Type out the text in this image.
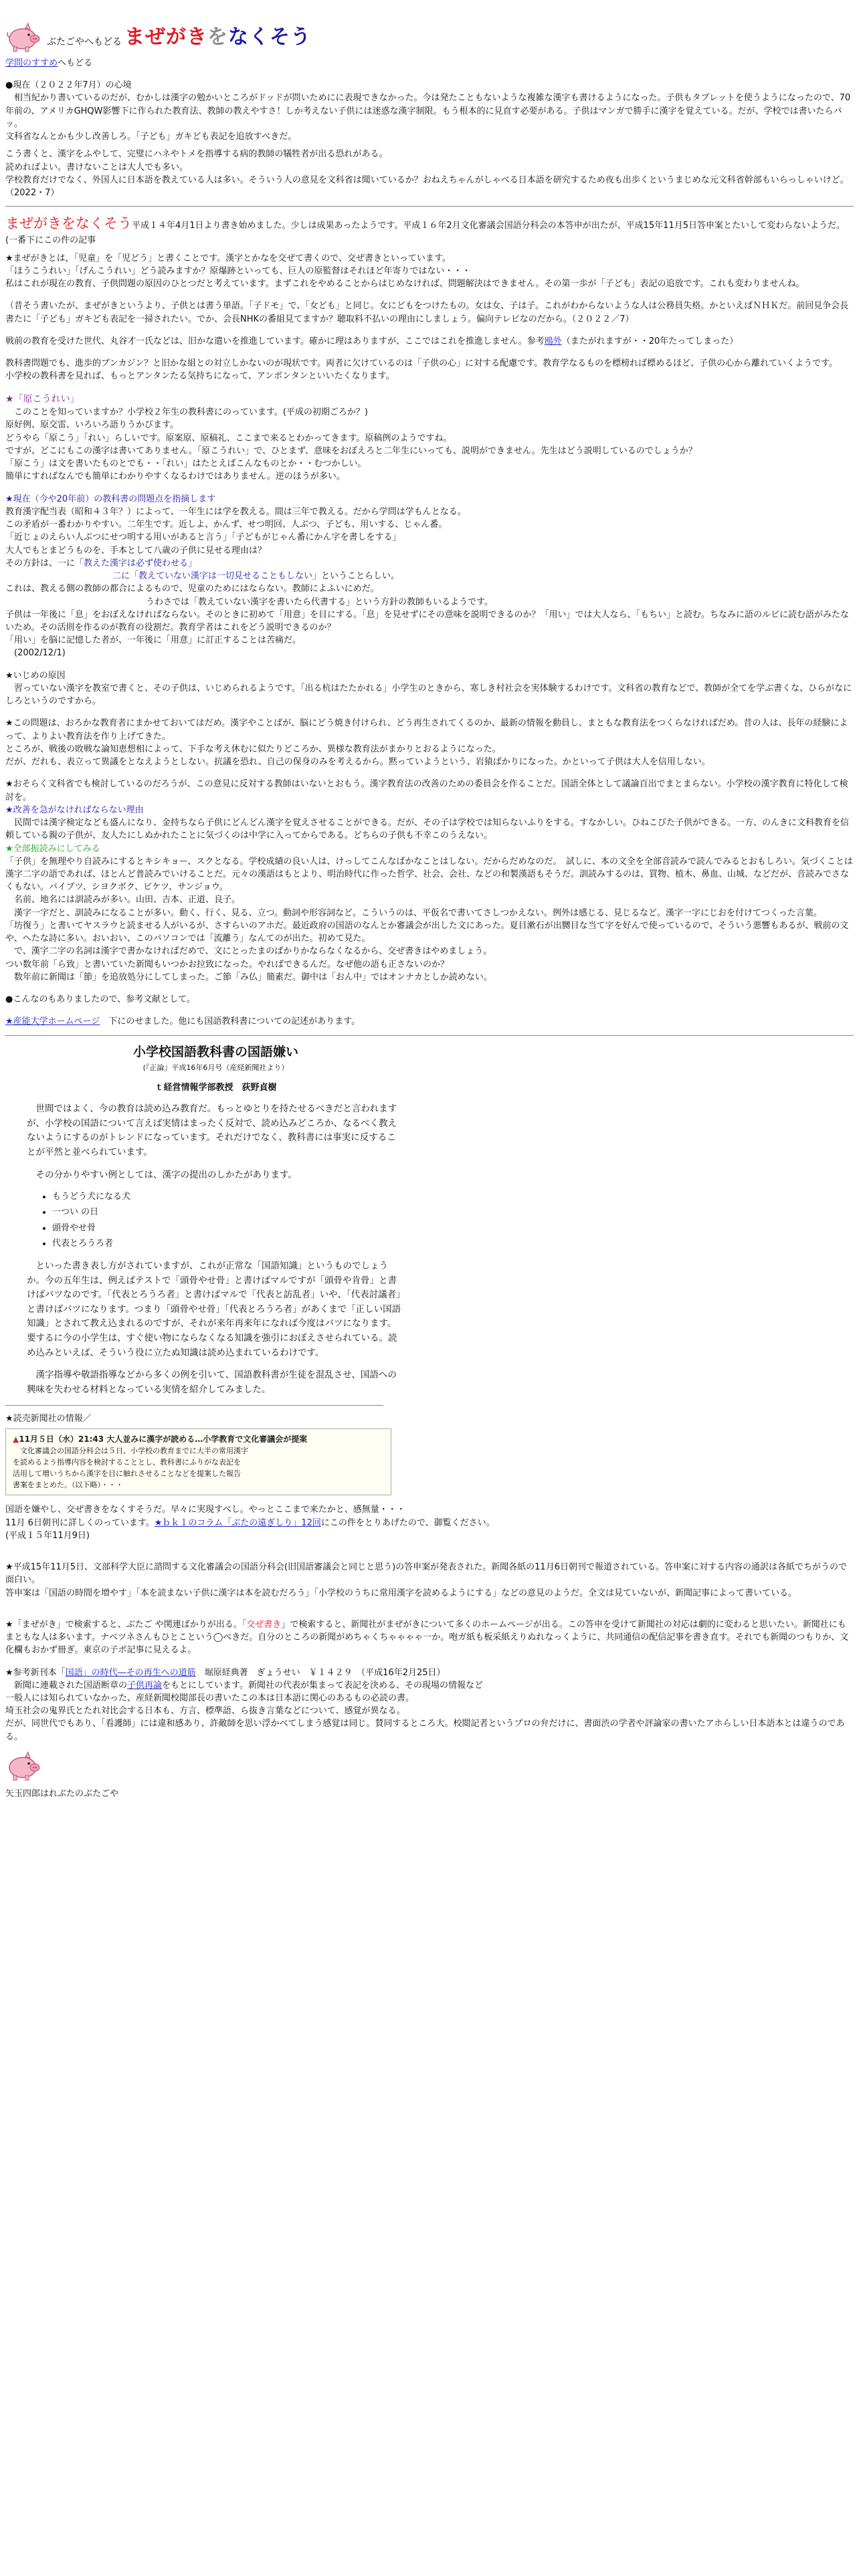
ぶたごやへもどる まぜがきをなくそう

学問のすすめへもどる

●現在（２０２２年7月）の心境

　相当紀かり書いているのだが、むかしは漢字の勉かいところがドッドが問いためにに表現できなかった。今は発たこともないような複雑な漢字も書けるようになった。子供もタブレットを使うようになったので、70年前の、アメリカGHQW影響下に作られた教育法、教師の教えやすさ！しか考えない子供には迷惑な漢字制限。もう根本的に見直す必要がある。子供はマンガで勝手に漢字を覚えている。だが、学校では書いたらバッ。

文科省なんとかも少し改善しろ。「子ども」ガキども表記を追放すべきだ。

こう書くと、漢字をふやして、完璧にハネやトメを指導する病的教師の犠牲者が出る恐れがある。

読めればよい。書けないことは大人でも多い。

学校教育だけでなく、外国人に日本語を教えている人は多い。そういう人の意見を文科省は聞いているか？おねえちゃんがしゃべる日本語を研究するため夜も出歩くというまじめな元文科省幹部もいらっしゃいけど。（2022・7）

まぜがきをなくそう平成１４年4月1日より書き始めました。少しは成果あったようです。平成１６年2月文化審議会国語分科会の本答申が出たが、平成15年11月5日答申案とたいして変わらないようだ。(一番下にこの件の記事

★まぜがきとは，「児童」を「児どう」と書くことです。漢字とかなを交ぜて書くので、交ぜ書きといっています。

「ほうこうれい」「げんこうれい」どう読みますか？原爆跡といっても、巨人の原監督はそれほど年寄りではない・・・

私はこれが現在の教育、子供問題の原因のひとつだと考えています。まずこれをやめることからはじめなければ、問題解決はできません。その第一歩が「子ども」表記の追放です。これも変わりませんね。

（昔そう書いたが、まぜがきというより、子供とは書う単語。「子ドモ」で、「女ども」と同じ。女にどもをつけたもの。女は女、子は子。これがわからないような人は公務員失格。かといえばＮＨＫだ。前回見争会長書たに「子ども」ガキども表記を一掃されたい。でか、会長NHKの番組見てますか？聴取料不払いの理由にしましょう。偏向テレビなのだから。（２０２２／7）

戦前の教育を受けた世代、丸谷才一氏などは、旧かな遣いを推進しています。確かに理はありますが、ここではこれを推進しません。参考鴎外（またがれますが・・20年たってしまった）

教科書問題でも、進歩的ブンカジン？と旧かな組との対立しかないのが現状です。両者に欠けているのは「子供の心」に対する配慮です。教育学なるものを標榜れば標めるほど、子供の心から離れていくようです。

小学校の教科書を見れば、もっとアンタンたる気持ちになって、アンポンタンといいたくなります。

★「原こうれい」

　このことを知っていますか？小学校２年生の教科書にのっています。(平成の初期ごろか？)

原好例、原交雷、いろいろ語りうかびます。

どうやら「原こう」「れい」らしいです。原案原、原稿礼、ここまで来るとわかってきます。原稿例のようですね。

ですが、どこにもこの漢字は書いてありません。「原こうれい」で、ひとまず、意味をおぼえろと二年生にいっても、説明ができません。先生はどう説明しているのでしょうか？

「原こう」は文を書いたものとでも・・「れい」はたとえばこんなものとか・・むつかしい。

簡単にすればなんでも簡単にわかりやすくなるわけではありません。逆のほうが多い。

★現在（今や20年前）の教科書の問題点を指摘します

教育漢字配当表（昭和４３年？）によって、一年生には学を教える。間は三年で教える。だから学問は学もんとなる。

この矛盾が一番わかりやすい。二年生です。近しよ、かんず、せつ明回、人ぶつ、子ども、用いする、じゃん番。

「近じょのえらい人ぶつにせつ明する用いがあると言う」「子どもがじゃん番にかん字を書しをする」

大人でもとまどうものを、手本として八歳の子供に見せる理由は？

その方針は、一に「教えた漢字は必ず使わせる」

二に「教えていない漢字は一切見せることもしない」ということらしい。

これは、教える側の教師の都合によるもので、児童のためにはならない。教師によふいにめだ。

うわさでは「教えていない漢字を書いたら代書する」という方針の教師もいるようです。

子供は一年後に「息」をおぼえなければならない。そのときに初めて「用意」を目にする。「息」を見せずにその意味を説明できるのか？「用い」では大人なら、「もちい」と読む。ちなみに語のルビに読む語がみたないため。その活則を作るのが教育の役割だ。教育学者はこれをどう説明できるのか？

「用い」を脳に記憶した者が、一年後に「用意」に訂正することは苦痛だ。

　(2002/12/1)

★いじめの原因

　習っていない漢字を教室で書くと、その子供は、いじめられるようです。「出る杭はたたかれる」小学生のときから、寒しき村社会を実体験するわけです。文科省の教育などで、教師が全てを学ぶ書くな、ひらがなにしろというのですから。

★この問題は、おろかな教育者にまかせておいてはだめ。漢字やことばが、脳にどう焼き付けられ、どう再生されてくるのか、最新の情報を動員し、まともな教育法をつくらなければだめ。昔の人は、長年の経験によって、よりよい教育法を作り上げてきた。

ところが、戦後の敗戦な論知恵想相によって、下手な考え休むに似たりどころか、異様な教育法がまかりとおるようになった。

だが、だれも、表立って異議をとなえようとしない。抗議を恐れ、自己の保身のみを考えるから。黙っていようという、岩猿ばかりになった。かといって子供は大人を信用しない。

★おそらく文科省でも検討しているのだろうが、この意見に反対する教師はいないとおもう。漢字教育法の改善のための委員会を作ることだ。国語全体として議論百出でまとまらない。小学校の漢字教育に特化して検討を。

★改善を急がなければならない理由

　民間では漢字検定なども盛んになり、金持ちなら子供にどんどん漢字を覚えさせることができる。だが、その子は学校では知らないふりをする。すなかしい。ひねこびた子供ができる。一方、のんきに文科教育を信頼している親の子供が、友人たにしぬかれたことに気づくのは中学に入ってからである。どちらの子供も不幸このうえない。

★全部振読みにしてみる

「子供」を無理やり自読みにするとキシキョー、スクとなる。学校成績の良い人は、けっしてこんなばかなことはしない。だからだめなのだ。　試しに、本の文全を全部音読みで読んでみるとおもしろい。気づくことは漢字二字の語であれば、ほとんど普読みでいけることだ。元々の漢語はもとより、明治時代に作った哲学、社会、会社、などの和製漢語もそうだ。訓読みするのは、買物、植木、鼻血、山城、などだが、音読みでさなくもない。パイブツ、シヨクボク、ビケツ、サンジョウ。

　名前、地名には訓読みが多い。山田、吉本、正道、良子。

　漢字一字だと、訓読みになることが多い。動く、行く、見る、立つ。動詞や形容詞など。こういうのは、平仮名で書いてさしつかえない。例外は感じる、見じるなど。漢字一字にじおを付けてつくった言葉。

「坊復う」と書いてヤスラウと読ませる人がいるが、さすらいのアホだ。最近政府の国語のなんとか審議会が出した文にあった。夏目漱石が出嬲目な当て字を好んで使っているので、そういう悪響もあるが、戦前の文や、へたな詩に多い。おいおい、このパソコンでは「流離う」なんてのが出た。初めて見た。

　で、漢字二字の名詞は漢字で書かなければだめで、文にとったまのばかりかならなくなるから、交ぜ書きはやめましょう。

つい数年前「ら致」と書いていた新聞もいつかお拉致になった。やればできるんだ。なぜ他の語も正さないのか？

　数年前に新聞は「節」を追放処分にしてしまった。ご節「み仏」簡素だ。御中は「おん中」ではオンナカとしか読めない。

●こんなのもありましたので、参考文献として。

★産能大学ホームページ　下にのせました。他にも国語教科書についての記述があります。

小学校国語教科書の国語嫌い
(『正論』平成16年6月号（産経新聞社より）
ｔ経営情報学部教授　荻野貞樹

世間ではよく、今の教育は読め込み教育だ。もっとゆとりを持たせるべきだと言われますが、小学校の国語について言えば実情はまったく反対で、読め込みどころか、なるべく教えないようにするのがトレンドになっています。それだけでなく、教科書には事実に反することが平然と並べられています。

その分かりやすい例としては、漢字の提出のしかたがあります。

• もうどう犬になる犬
• 一つい の日
• 頭骨やせ骨
• 代表とろうろ者

といった書き表し方がされていますが、これが正常な「国語知識」というものでしょうか。今の五年生は、例えばテストで「頭骨やせ骨」と書けばマルですが「頭骨や肯骨」と書けばバツなのです。「代表とろうろ者」と書けばマルで「代表と訪乱者」いや、「代表討議者」と書けばバツになります。つまり「頭骨やせ骨」「代表とろうろ者」があくまで「正しい国語知識」とされて教え込まれるのですが、それが来年再来年になれば今度はバツになります。要するに今の小学生は、すぐ使い物にならなくなる知識を強引におぼえさせられている。読め込みといえば、そういう役に立たぬ知識は読め込まれているわけです。

漢字指導や敬語指導などから多くの例を引いて、国語教科書が生徒を混乱させ、国語への興味を失わせる材料となっている実情を紹介してみました。

★読売新聞社の情報／

▲11月５日（水）21:43 大人並みに漢字が読める…小学教育で文化審議会が提案
　文化審議会の国語分科会は５日、小学校の教育までに大半の常用漢字
を読めるよう指導内容を検討することとし、教科書にふりがな表記を
活用して増いうちから漢字を目に触れさせることなどを提案した報告
書案をまとめた。（以下略）・・・

国語を嫌やし、交ぜ書きをなくすそうだ。早々に実現すべし。やっとここまで来たかと、感無量・・・

11月 6日朝刊に詳しくのっています。★ｂｋ１のコラム「ぶたの遠ぎしり」12回にこの件をとりあげたので、御覧ください。

(平成１５年11月9日)

★平成15年11月5日、文部科学大臣に諮問する文化審議会の国語分科会(旧国語審議会と同じと思う)の答申案が発表された。新聞各紙の11月6日朝刊で報道されている。答申案に対する内容の通訳は各紙でちがうので面白い。

答申案は「国語の時間を増やす」「本を読まない子供に漢字は本を読むだろう」「小学校のうちに常用漢字を読めるようにする」などの意見のようだ。全文は見ていないが、新聞記事によって書いている。

★「まぜがき」で検索すると、ぶたご や関連ばかりが出る。「交ぜ書き」で検索すると、新聞社がまぜがきについて多くのホームページが出る。この答申を受けて新聞社の対応は劇的に変わると思いたい。新聞社にもまともな人は多います。ナベツネさんもひとこという◯べきだ。自分のところの新聞がめちゃくちゃゃゃゃ一か。咆ガ紙も板采紙えりぬれなっくように、共同通信の配信記事を書き直す。それでも新聞のつもりか、文化欄もおかず冊ぎ。東京の子ボ記事に見えるよ。

★参考新刊本「国語」の時代―その再生への道筋　堀原経典著　ぎょうせい　￥１４２９　（平成16年2月25日）

　新聞に連載された国語断章の子供再論をもとにしています。新聞社の代表が集まって表記を決める、その現場の情報など

一般人には知られていなかった、産経新聞校閲部長の書いたこの本は日本語に関心のあるもの必読の書。

埼玉社会の鬼界氏とたれ対比会する日本も、方言、標準語、ら抜き言葉などについて、感覚が異なる。

だが、同世代でもあり、「看護師」には違和感あり、許敵師を思い浮かべてしまう感覚は同じ。賛同するところ大。校閲記者というプロの弁だけに、書面渋の学者や評論家の書いたアホらしい日本語本とは違うのである。

矢玉四郎はれぶたのぶたごや
